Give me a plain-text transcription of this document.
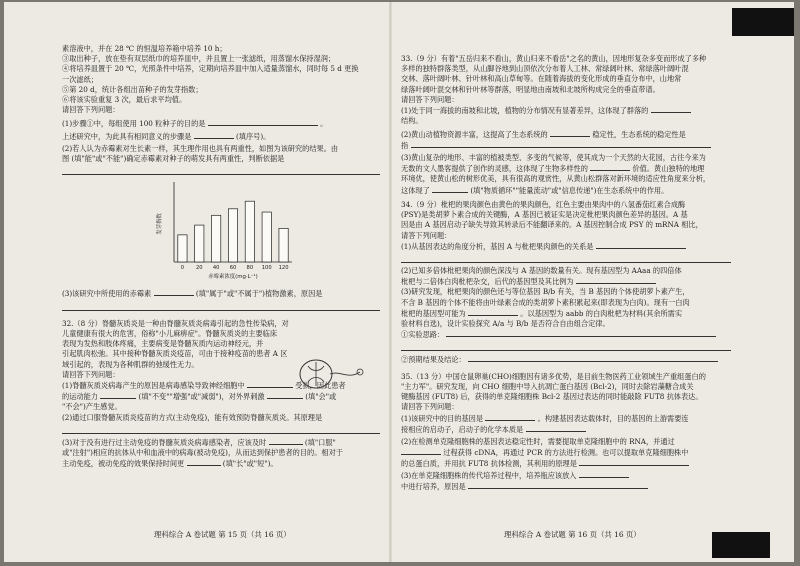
素溶液中，并在 28 ℃ 的恒温培养箱中培养 10 h；
③取出种子，放在垫有双层纸巾的培养皿中，并且置上一张滤纸，用蒸馏水保持湿润；
④将培养皿置于 20 ℃，光照条件中培养，定期向培养皿中加入适量蒸馏水，同时每 5 d 更换
一次滤纸；
⑤第 20 d，统计各组出苗种子的发芽指数；
⑥将该实验重复 3 次，最后求平均值。
请回答下列问题：
(1)步骤①中，每组使用 100 粒种子的目的是	。
上述研究中，为此具有相同意义的步骤是	(填序号)。
(2)若人认为赤霉素对生长素一样，其生理作用也具有两重性，如图为该研究的结果。由
图 (填"能"或"不能")确定赤霉素对种子的萌发具有两重性，判断依据是
0 20 40 60 80 100 120
赤霉素浓度(mg·L⁻¹)
发芽指数
(3)该研究中所使用的赤霉素	(填"属于"或"不属于")植物激素，原因是
32.（8 分）脊髓灰质炎是一种由脊髓灰质炎病毒引起的急性传染病，对
儿童健康有很大的危害，俗称"小儿麻痹症"。脊髓灰质炎的主要临床
表现为发热和肢体疼痛，主要病变是脊髓灰质内运动神经元，并
引起肌肉松弛。其中接种脊髓灰质炎疫苗，可由于接种疫苗的患者 A 区
域引起的，表现为各种肌群的弛缓性无力。
请回答下列问题：
(1)脊髓灰质炎病毒产生的原因是病毒感染导致神经细胞中	受损，因此患者
的运动能力	(填"不变""增强"或"减弱")，对外界刺激	(填"会"或
"不会")产生感觉。
(2)通过口服脊髓灰质炎疫苗的方式(主动免疫)，能有效预防脊髓灰质炎。其原理是
(3)对于没有进行过主动免疫的脊髓灰质炎病毒感染者，应该及时	(填"口服"
或"注射")相应的抗体从中和血液中的病毒(被动免疫)，从而达到保护患者的目的。相对于
主动免疫，被动免疫的效果保持时间更	(填"长"或"短")。
33.（9 分）有着"五岳归来不看山，黄山归来不看岳"之名的黄山，因地形复杂多变而形成了多种
多样的独特群落类型，从山脚谷地到山顶依次分布着人工林、常绿阔叶林、常绿落叶阔叶混
交林、落叶阔叶林、针叶林和高山草甸等。在随着海拔的变化形成的垂直分布中，山地常
绿落叶阔叶混交林和针叶林等群落，明显地由南坡和北坡所构成完全的垂直带谱。
请回答下列问题：
(1)处于同一海拔的南坡和北坡，植物的分布情况有显著差异，这体现了群落的
结构。
(2)黄山动植物资源丰富，这提高了生态系统的	稳定性，生态系统的稳定性是
指
(3)黄山复杂的地形、丰富的植被类型、多变的气候等，使其成为一个天然的大花园，古往今来为
无数的文人墨客提供了创作的灵感，这体现了生物多样性的	价值。黄山独特的地理
环境优，使黄山松的树形优美，具有很高的观赏性，从黄山松群落对新环境的适应性角度来分析，
这体现了	(填"物质循环""能量流动"或"信息传递")在生态系统中的作用。
34.（9 分）枇杷的果肉颜色由黄色的果肉颜色，红色主要由果肉中的八氢番茄红素合成酶
(PSY)是类胡萝卜素合成的关键酶，A 基因已被证实是决定枇杷果肉颜色差异的基因。A 基
因是由 A 基因启动子缺失导致其转录后不能翻译来的。A 基因控制合成 PSY 的 mRNA 相比，
请答下列问题：
(1)从基因表达的角度分析，基因 A 与枇杷果肉颜色的关系是
(2)已知多倍体枇杷果肉的颜色深浅与 A 基因的数量有关。现有基因型为 AAaa 的四倍体
枇杷与二倍体白肉枇杷杂交，后代的基因型及其比例为
(3)研究发现，枇杷果肉的颜色还与等位基因 B/b 有关，当 B 基因的个体使胡萝卜素产生，
不含 B 基因的个体不能将由叶绿素合成的类胡萝卜素积累起来(即表现为白肉)。现有一白肉
枇杷的基因型可能为	。以基因型为 aabb 的白肉枇杷为材料(其余所需实
验材料自选)，设计实验探究 A/a 与 B/b 是否符合自由组合定律。
①实验思路：
②预期结果及结论：
35.（13 分）中国仓鼠卵巢(CHO)细胞因有诸多优势，是目前生物医药工业领域生产重组蛋白的
"主力军"。研究发现，向 CHO 细胞中导入抗凋亡蛋白基因 (Bcl-2)，同时去除岩藻糖合成关
键酶基因 (FUT8) 后，获得的单克隆细胞株 Bcl-2 基因过表达的同时能敲除 FUT8 抗体表达。
请回答下列问题：
(1)该研究中的目的基因是	。构建基因表达载体时，目的基因的上游需要连
接相应的启动子，启动子的化学本质是
(2)在检测单克隆细胞株的基因表达稳定性时，需要提取单克隆细胞中的 RNA，并通过
过程获得 cDNA，再通过 PCR 的方法进行检测。也可以提取单克隆细胞株中
的总蛋白质，并用抗 FUT8 抗体检测，其利用的原理是
(3)在单克隆细胞株的传代培养过程中，培养瓶应该放入
中进行培养，原因是
理科综合 A 卷试题 第 15 页（共 16 页）	理科综合 A 卷试题 第 16 页（共 16 页）
